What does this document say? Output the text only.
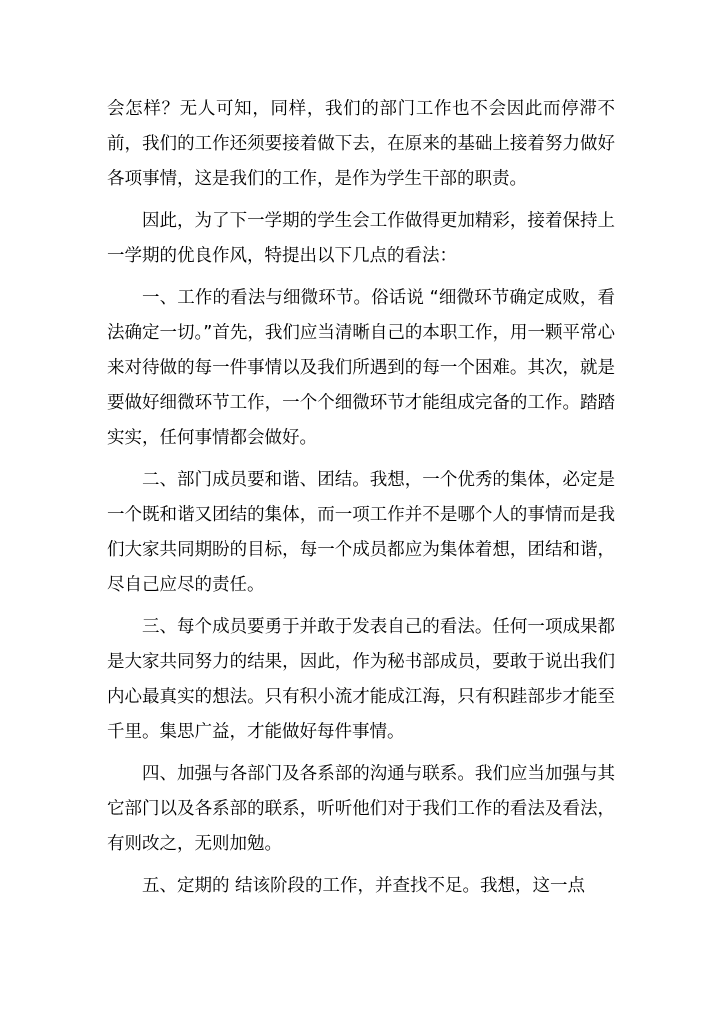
会怎样？无人可知，同样，我们的部门工作也不会因此而停滞不前，我们的工作还须要接着做下去，在原来的基础上接着努力做好各项事情，这是我们的工作，是作为学生干部的职责。

因此，为了下一学期的学生会工作做得更加精彩，接着保持上一学期的优良作风，特提出以下几点的看法：

一、工作的看法与细微环节。俗话说 “细微环节确定成败，看法确定一切。”首先，我们应当清晰自己的本职工作，用一颗平常心来对待做的每一件事情以及我们所遇到的每一个困难。其次，就是要做好细微环节工作，一个个细微环节才能组成完备的工作。踏踏实实，任何事情都会做好。

二、部门成员要和谐、团结。我想，一个优秀的集体，必定是一个既和谐又团结的集体，而一项工作并不是哪个人的事情而是我们大家共同期盼的目标，每一个成员都应为集体着想，团结和谐，尽自己应尽的责任。

三、每个成员要勇于并敢于发表自己的看法。任何一项成果都是大家共同努力的结果，因此，作为秘书部成员，要敢于说出我们内心最真实的想法。只有积小流才能成江海，只有积跬部步才能至千里。集思广益，才能做好每件事情。

四、加强与各部门及各系部的沟通与联系。我们应当加强与其它部门以及各系部的联系，听听他们对于我们工作的看法及看法，有则改之，无则加勉。

五、定期的 结该阶段的工作，并查找不足。我想，这一点
